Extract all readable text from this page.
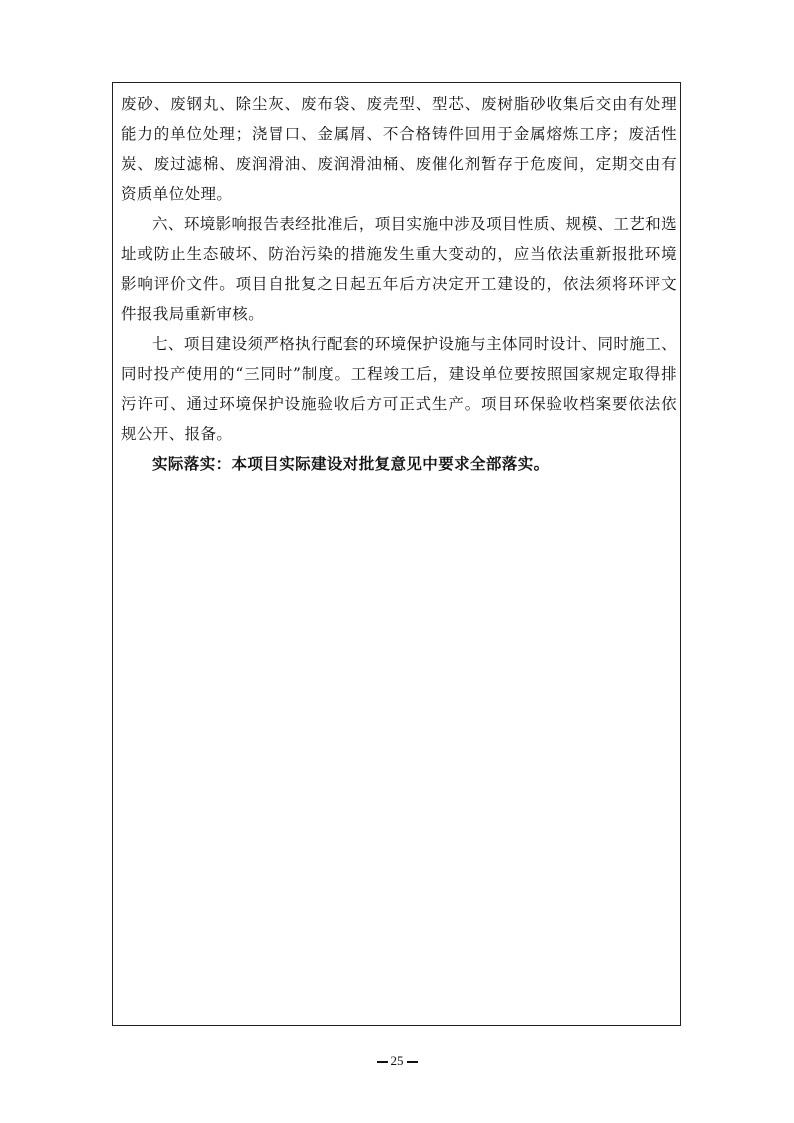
废砂、废钢丸、除尘灰、废布袋、废壳型、型芯、废树脂砂收集后交由有处理能力的单位处理；浇冒口、金属屑、不合格铸件回用于金属熔炼工序；废活性炭、废过滤棉、废润滑油、废润滑油桶、废催化剂暂存于危废间，定期交由有资质单位处理。

六、环境影响报告表经批准后，项目实施中涉及项目性质、规模、工艺和选址或防止生态破坏、防治污染的措施发生重大变动的，应当依法重新报批环境影响评价文件。项目自批复之日起五年后方决定开工建设的，依法须将环评文件报我局重新审核。

七、项目建设须严格执行配套的环境保护设施与主体同时设计、同时施工、同时投产使用的“三同时”制度。工程竣工后，建设单位要按照国家规定取得排污许可、通过环境保护设施验收后方可正式生产。项目环保验收档案要依法依规公开、报备。

实际落实：本项目实际建设对批复意见中要求全部落实。

25
